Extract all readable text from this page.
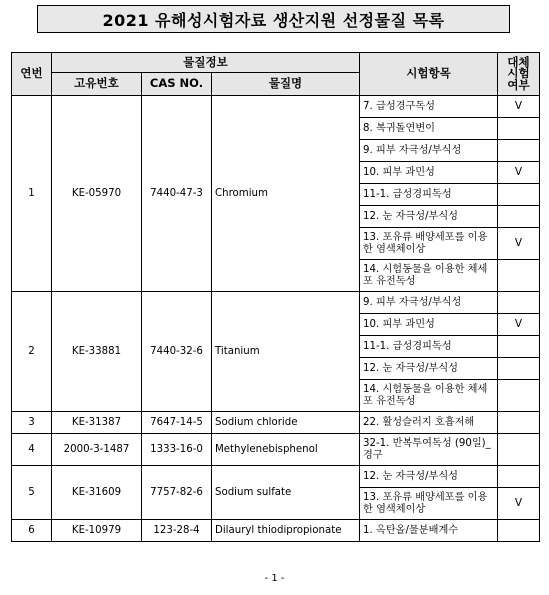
2021 유해성시험자료 생산지원 선정물질 목록
연번	물질정보			시험항목	대체
시험
여부

	고유번호	CAS NO.	물질명		
1	KE-05970	7440-47-3	Chromium	7. 급성경구독성	V
				8. 복귀돌연변이	
				9. 피부 자극성/부식성	
				10. 피부 과민성	V
				11-1. 급성경피독성	
				12. 눈 자극성/부식성	
				13. 포유류 배양세포를 이용한 염색체이상	V
				14. 시험동물을 이용한 체세포 유전독성	
2	KE-33881	7440-32-6	Titanium	9. 피부 자극성/부식성	
				10. 피부 과민성	V
				11-1. 급성경피독성	
				12. 눈 자극성/부식성	
				14. 시험동물을 이용한 체세포 유전독성	
3	KE-31387	7647-14-5	Sodium chloride	22. 활성슬러지 호흡저해	
4	2000-3-1487	1333-16-0	Methylenebisphenol	32-1. 반복투여독성 (90일)_경구	
5	KE-31609	7757-82-6	Sodium sulfate	12. 눈 자극성/부식성	
				13. 포유류 배양세포를 이용한 염색체이상	V
6	KE-10979	123-28-4	Dilauryl thiodipropionate	1. 옥탄올/물분배계수	
- 1 -
